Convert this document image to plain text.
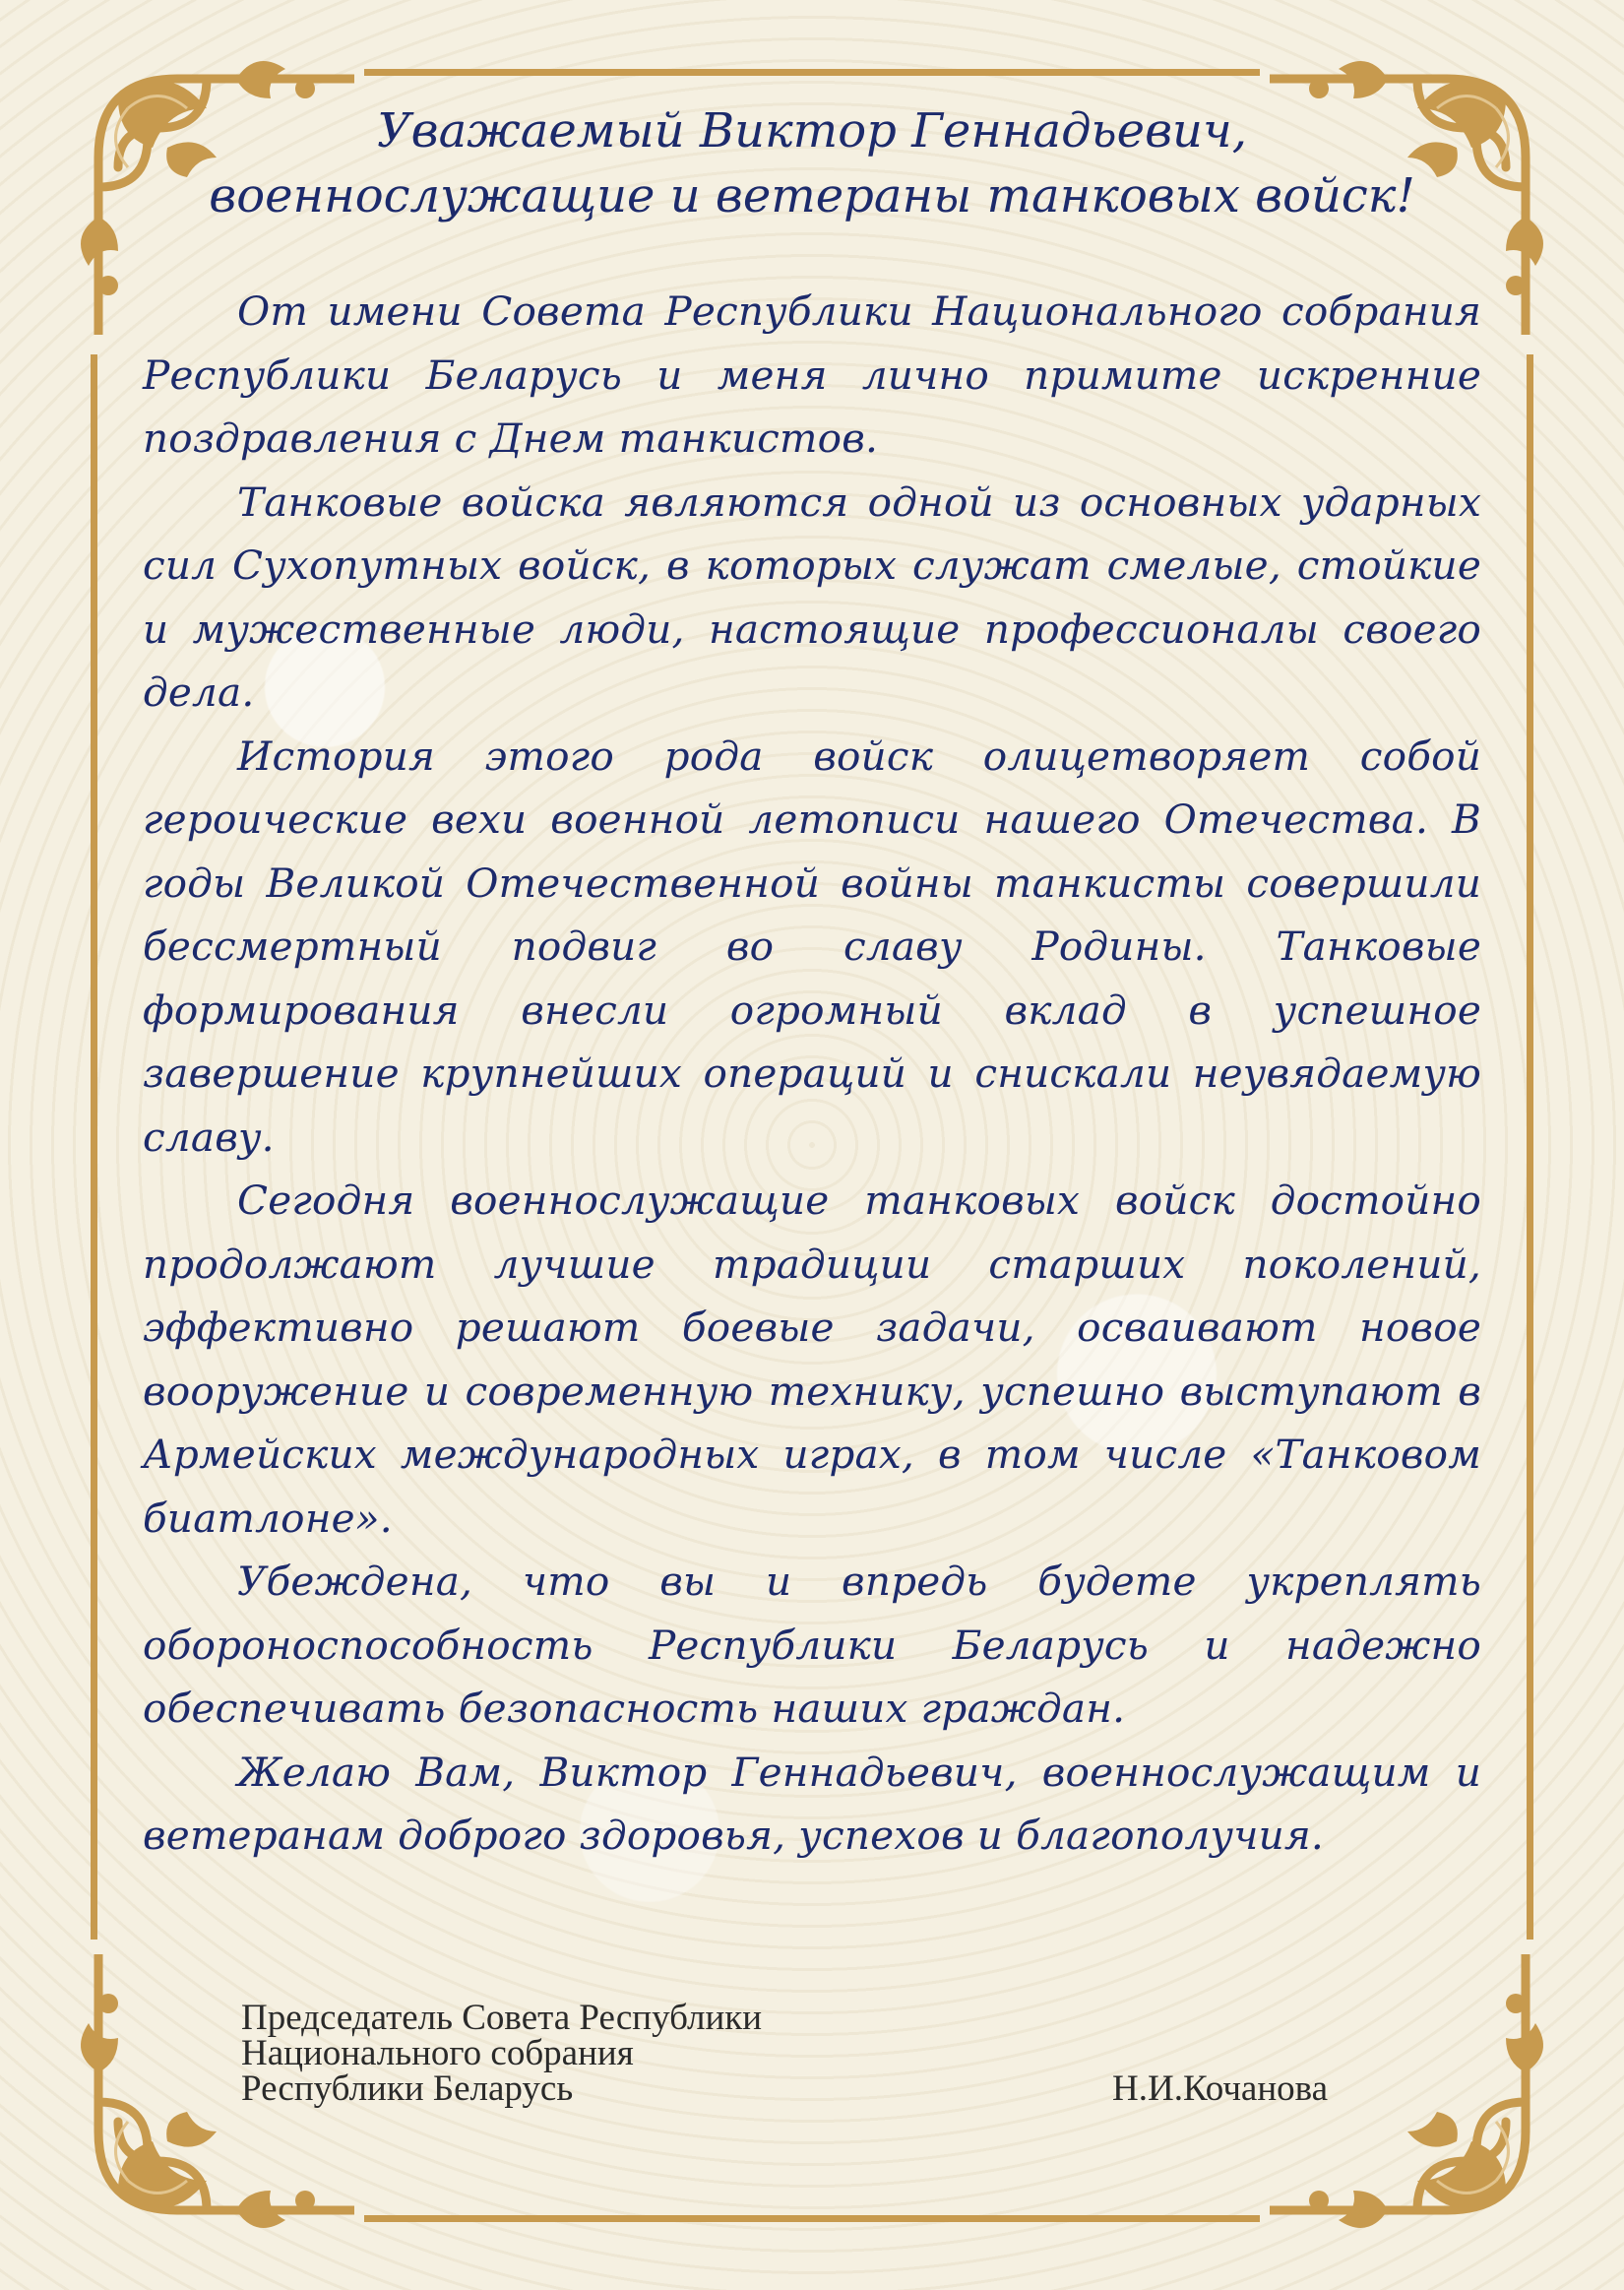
Уважаемый Виктор Геннадьевич,
военнослужащие и ветераны танковых войск!

От имени Совета Республики Национального собрания Республики Беларусь и меня лично примите искренние поздравления с Днем танкистов.

Танковые войска являются одной из основных ударных сил Сухопутных войск, в которых служат смелые, стойкие и мужественные люди, настоящие профессионалы своего дела.

История этого рода войск олицетворяет собой героические вехи военной летописи нашего Отечества. В годы Великой Отечественной войны танкисты совершили бессмертный подвиг во славу Родины. Танковые формирования внесли огромный вклад в успешное завершение крупнейших операций и снискали неувядаемую славу.

Сегодня военнослужащие танковых войск достойно продолжают лучшие традиции старших поколений, эффективно решают боевые задачи, осваивают новое вооружение и современную технику, успешно выступают в Армейских международных играх, в том числе «Танковом биатлоне».

Убеждена, что вы и впредь будете укреплять обороноспособность Республики Беларусь и надежно обеспечивать безопасность наших граждан.

Желаю Вам, Виктор Геннадьевич, военнослужащим и ветеранам доброго здоровья, успехов и благополучия.

Председатель Совета Республики
Национального собрания
Республики Беларусь	Н.И.Кочанова
